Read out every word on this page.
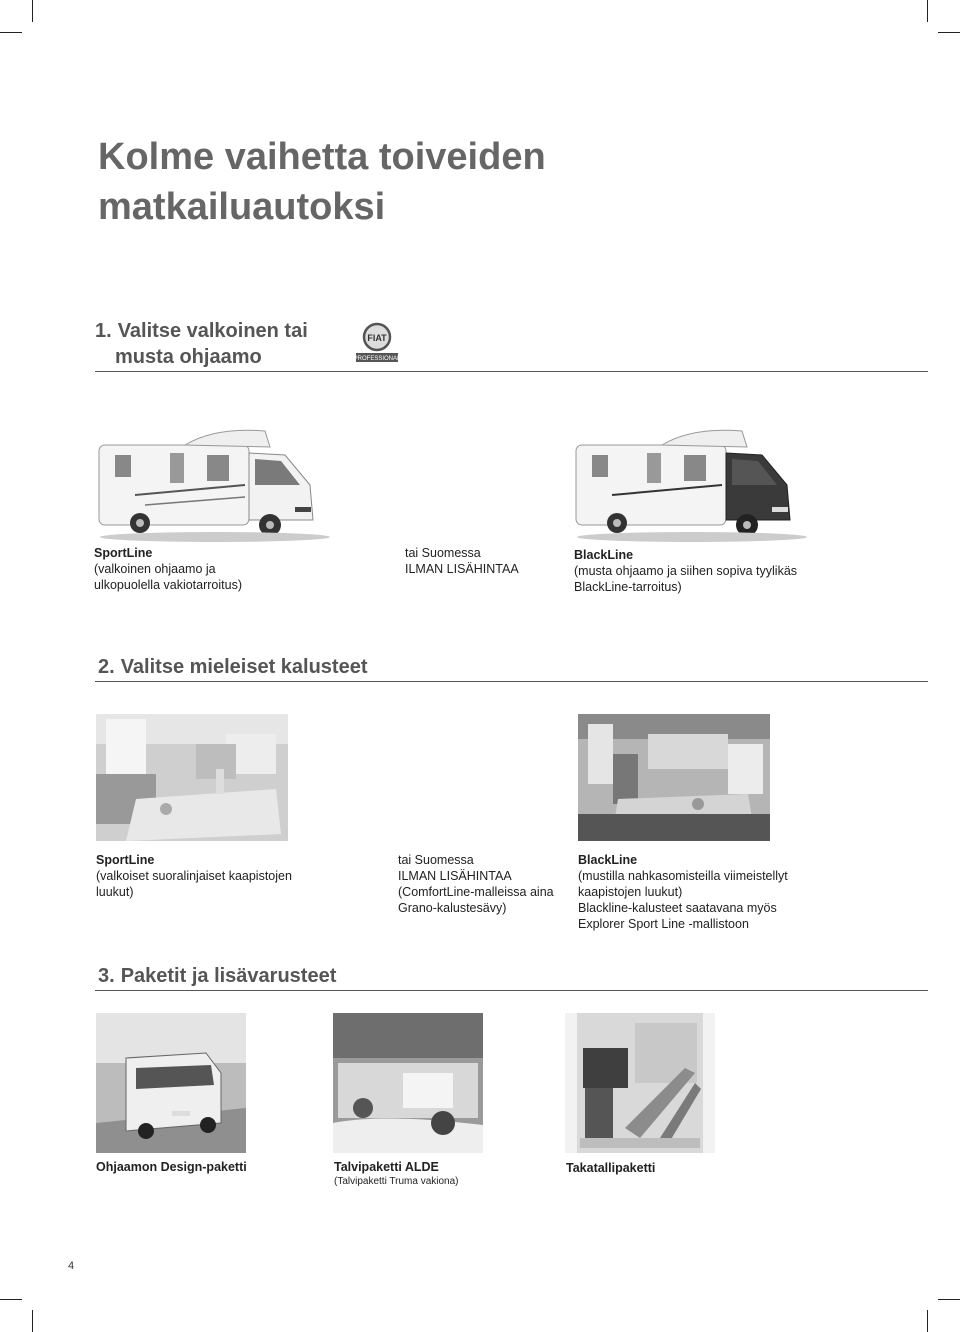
Kolme vaihetta toiveiden
matkailuautoksi
1. Valitse valkoinen tai
musta ohjaamo
FIAT
PROFESSIONAL
SportLine
(valkoinen ohjaamo ja
ulkopuolella vakiotarroitus)
tai Suomessa
ILMAN LISÄHINTAA
BlackLine
(musta ohjaamo ja siihen sopiva tyylikäs
BlackLine-tarroitus)
2. Valitse mieleiset kalusteet
SportLine
(valkoiset suoralinjaiset kaapistojen
luukut)
tai Suomessa
ILMAN LISÄHINTAA
(ComfortLine-malleissa aina
Grano-kalustesävy)
BlackLine
(mustilla nahkasomisteilla viimeistellyt
kaapistojen luukut)
Blackline-kalusteet saatavana myös
Explorer Sport Line -mallistoon
3. Paketit ja lisävarusteet
Ohjaamon Design-paketti	Talvipaketti ALDE
(Talvipaketti Truma vakiona)
Takatallipaketti
4
